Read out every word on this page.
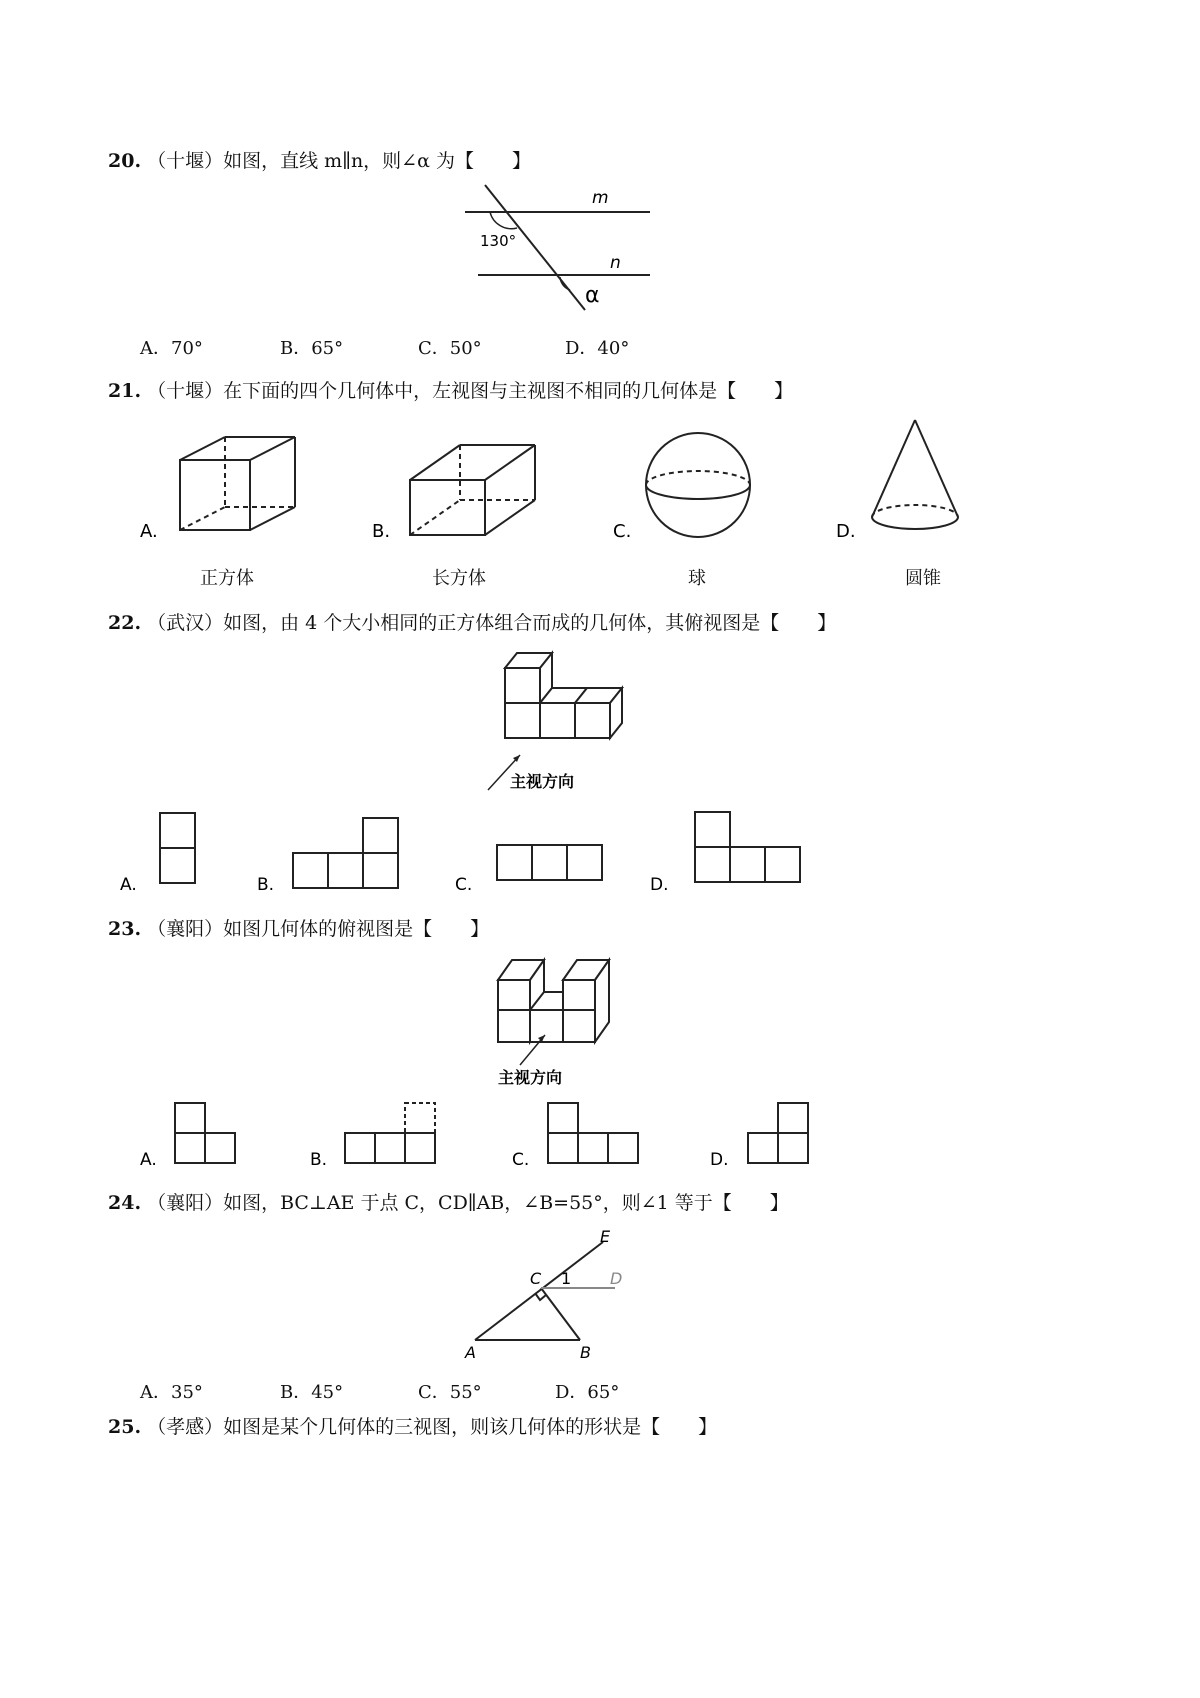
20. （十堰）如图，直线 m∥n，则∠α 为【　　】
m
n
130°
α
A．70°	B．65°	C．50°	D．40°
21. （十堰）在下面的四个几何体中，左视图与主视图不相同的几何体是【　　】
A.	B.	C.	D.
正方体	长方体	球	圆锥
22. （武汉）如图，由 4 个大小相同的正方体组合而成的几何体，其俯视图是【　　】
主视方向
A.	B.	C.	D.
23. （襄阳）如图几何体的俯视图是【　　】
主视方向
A.	B.	C.	D.
24. （襄阳）如图，BC⊥AE 于点 C，CD∥AB，∠B=55°，则∠1 等于【　　】
A	B
C	D
E
1
A．35°	B．45°	C．55°	D．65°
25. （孝感）如图是某个几何体的三视图，则该几何体的形状是【　　】
